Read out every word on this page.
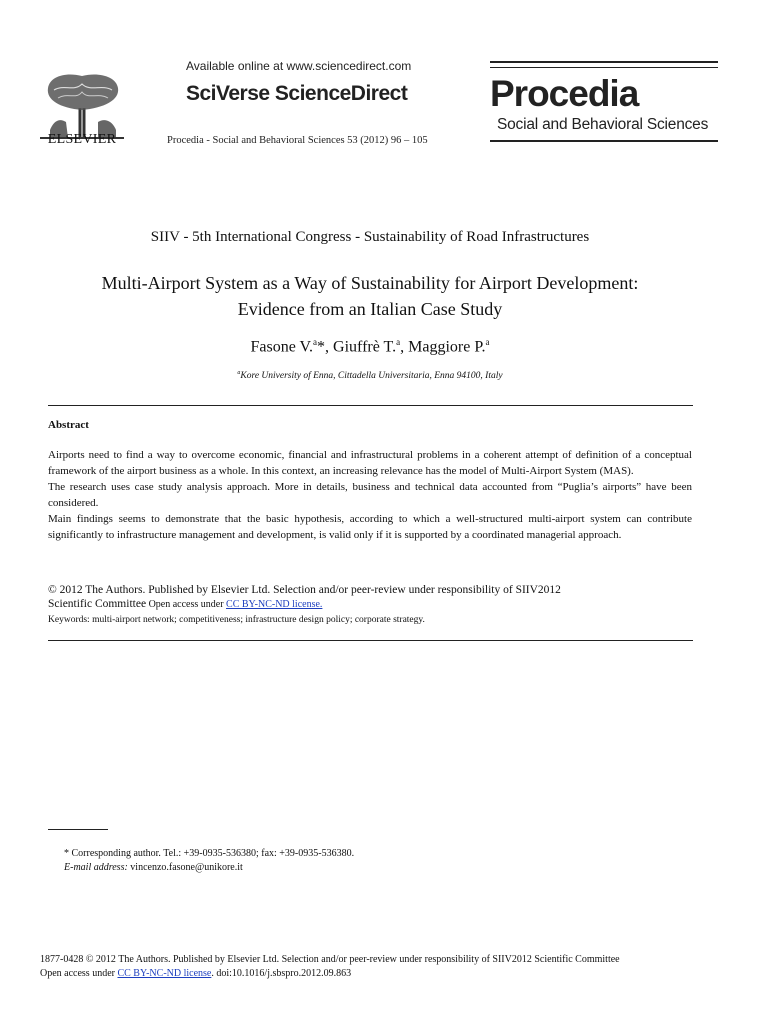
ELSEVIER
Available online at www.sciencedirect.com
SciVerse ScienceDirect
Procedia - Social and Behavioral Sciences 53 (2012) 96 – 105
Procedia
Social and Behavioral Sciences
SIIV - 5th International Congress - Sustainability of Road Infrastructures
Multi-Airport System as a Way of Sustainability for Airport Development:
Evidence from an Italian Case Study
Fasone V.$^a$*, Giuffrè T.$^a$, Maggiore P.$^a$
$^a$Kore University of Enna, Cittadella Universitaria, Enna 94100, Italy
Abstract

Airports need to find a way to overcome economic, financial and infrastructural problems in a coherent attempt of definition of a conceptual framework of the airport business as a whole. In this context, an increasing relevance has the model of Multi-Airport System (MAS).

The research uses case study analysis approach. More in details, business and technical data accounted from “Puglia’s airports” have been considered.

Main findings seems to demonstrate that the basic hypothesis, according to which a well-structured multi-airport system can contribute significantly to infrastructure management and development, is valid only if it is supported by a coordinated managerial approach.

© 2012 The Authors. Published by Elsevier Ltd. Selection and/or peer-review under responsibility of SIIV2012
Scientific Committee Open access under CC BY-NC-ND license.
Keywords: multi-airport network; competitiveness; infrastructure design policy; corporate strategy.
* Corresponding author. Tel.: +39-0935-536380; fax: +39-0935-536380.
E-mail address: vincenzo.fasone@unikore.it
1877-0428 © 2012 The Authors. Published by Elsevier Ltd. Selection and/or peer-review under responsibility of SIIV2012 Scientific Committee
Open access under CC BY-NC-ND license. doi:10.1016/j.sbspro.2012.09.863
